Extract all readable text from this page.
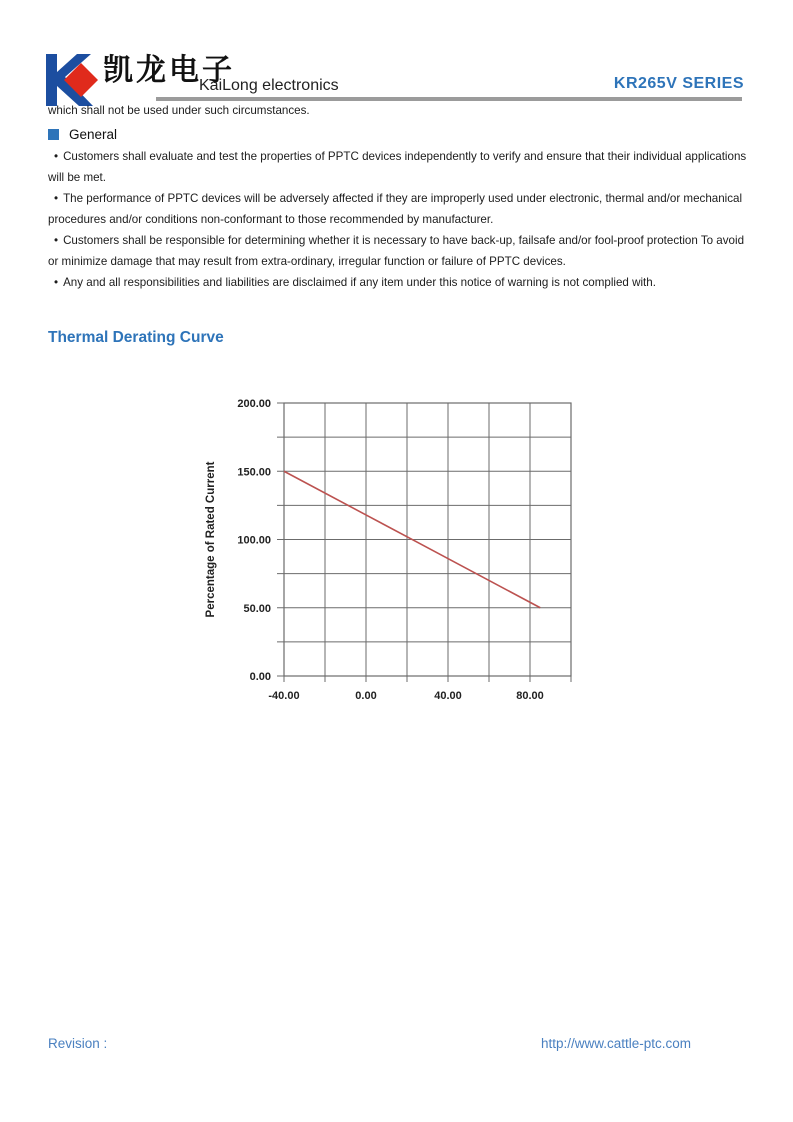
凯龙电子
KaiLong electronics	KR265V SERIES

which shall not be used under such circumstances.

General

• Customers shall evaluate and test the properties of PPTC devices independently to verify and ensure that their individual applications will be met.

• The performance of PPTC devices will be adversely affected if they are improperly used under electronic, thermal and/or mechanical procedures and/or conditions non-conformant to those recommended by manufacturer.

• Customers shall be responsible for determining whether it is necessary to have back-up, failsafe and/or fool-proof protection To avoid or minimize damage that may result from extra-ordinary, irregular function or failure of PPTC devices.

• Any and all responsibilities and liabilities are disclaimed if any item under this notice of warning is not complied with.

Thermal Derating Curve
-40.00	0.00	40.00	80.00
0.00
50.00
100.00
150.00
200.00
Percentage of Rated Current
Revision :	http://www.cattle-ptc.com
